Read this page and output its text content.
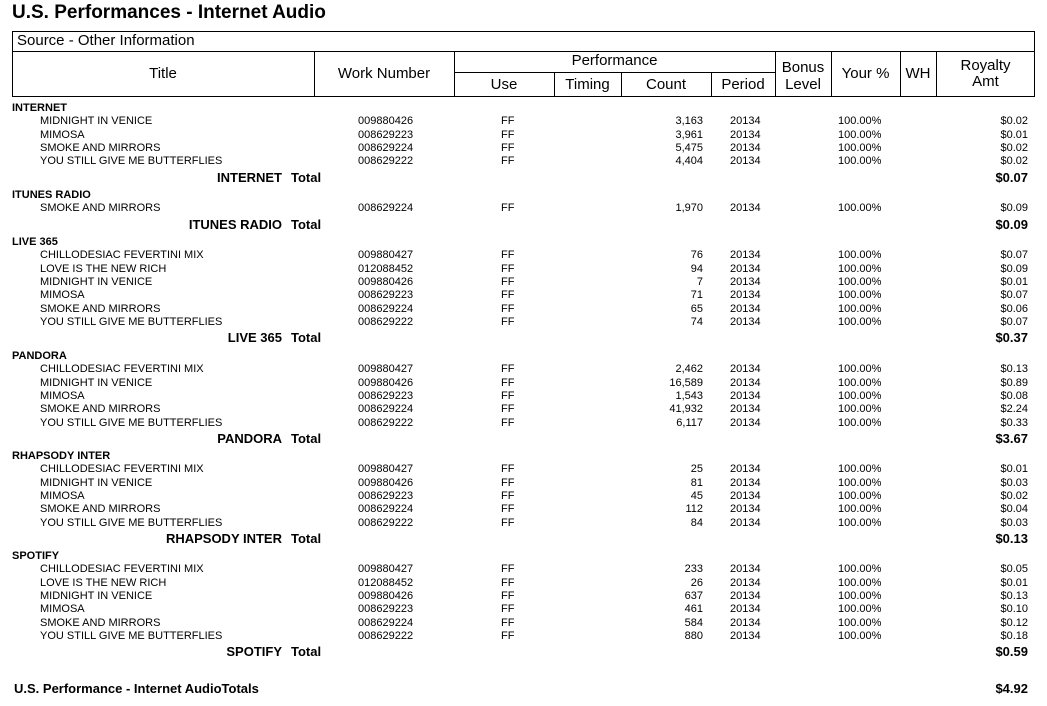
U.S. Performances - Internet Audio
Source - Other Information
Title	Work Number
Performance
Use	Timing	Count	Period
Bonus
Level
Your %	WH	Royalty
Amt
INTERNET
MIDNIGHT IN VENICE	009880426	FF	3,163 20134	100.00%	$0.02
MIMOSA	008629223	FF	3,961 20134	100.00%	$0.01
SMOKE AND MIRRORS	008629224	FF	5,475 20134	100.00%	$0.02
YOU STILL GIVE ME BUTTERFLIES	008629222	FF	4,404 20134	100.00%	$0.02
INTERNET Total	$0.07
ITUNES RADIO
SMOKE AND MIRRORS	008629224	FF	1,970 20134	100.00%	$0.09
ITUNES RADIO Total	$0.09
LIVE 365
CHILLODESIAC FEVERTINI MIX	009880427	FF	76 20134	100.00%	$0.07
LOVE IS THE NEW RICH	012088452	FF	94 20134	100.00%	$0.09
MIDNIGHT IN VENICE	009880426	FF	7 20134	100.00%	$0.01
MIMOSA	008629223	FF	71 20134	100.00%	$0.07
SMOKE AND MIRRORS	008629224	FF	65 20134	100.00%	$0.06
YOU STILL GIVE ME BUTTERFLIES	008629222	FF	74 20134	100.00%	$0.07
LIVE 365 Total	$0.37
PANDORA
CHILLODESIAC FEVERTINI MIX	009880427	FF	2,462 20134	100.00%	$0.13
MIDNIGHT IN VENICE	009880426	FF	16,589 20134	100.00%	$0.89
MIMOSA	008629223	FF	1,543 20134	100.00%	$0.08
SMOKE AND MIRRORS	008629224	FF	41,932 20134	100.00%	$2.24
YOU STILL GIVE ME BUTTERFLIES	008629222	FF	6,117 20134	100.00%	$0.33
PANDORA Total	$3.67
RHAPSODY INTER
CHILLODESIAC FEVERTINI MIX	009880427	FF	25 20134	100.00%	$0.01
MIDNIGHT IN VENICE	009880426	FF	81 20134	100.00%	$0.03
MIMOSA	008629223	FF	45 20134	100.00%	$0.02
SMOKE AND MIRRORS	008629224	FF	112 20134	100.00%	$0.04
YOU STILL GIVE ME BUTTERFLIES	008629222	FF	84 20134	100.00%	$0.03
RHAPSODY INTER Total	$0.13
SPOTIFY
CHILLODESIAC FEVERTINI MIX	009880427	FF	233 20134	100.00%	$0.05
LOVE IS THE NEW RICH	012088452	FF	26 20134	100.00%	$0.01
MIDNIGHT IN VENICE	009880426	FF	637 20134	100.00%	$0.13
MIMOSA	008629223	FF	461 20134	100.00%	$0.10
SMOKE AND MIRRORS	008629224	FF	584 20134	100.00%	$0.12
YOU STILL GIVE ME BUTTERFLIES	008629222	FF	880 20134	100.00%	$0.18
SPOTIFY Total	$0.59
U.S. Performance - Internet AudioTotals	$4.92
